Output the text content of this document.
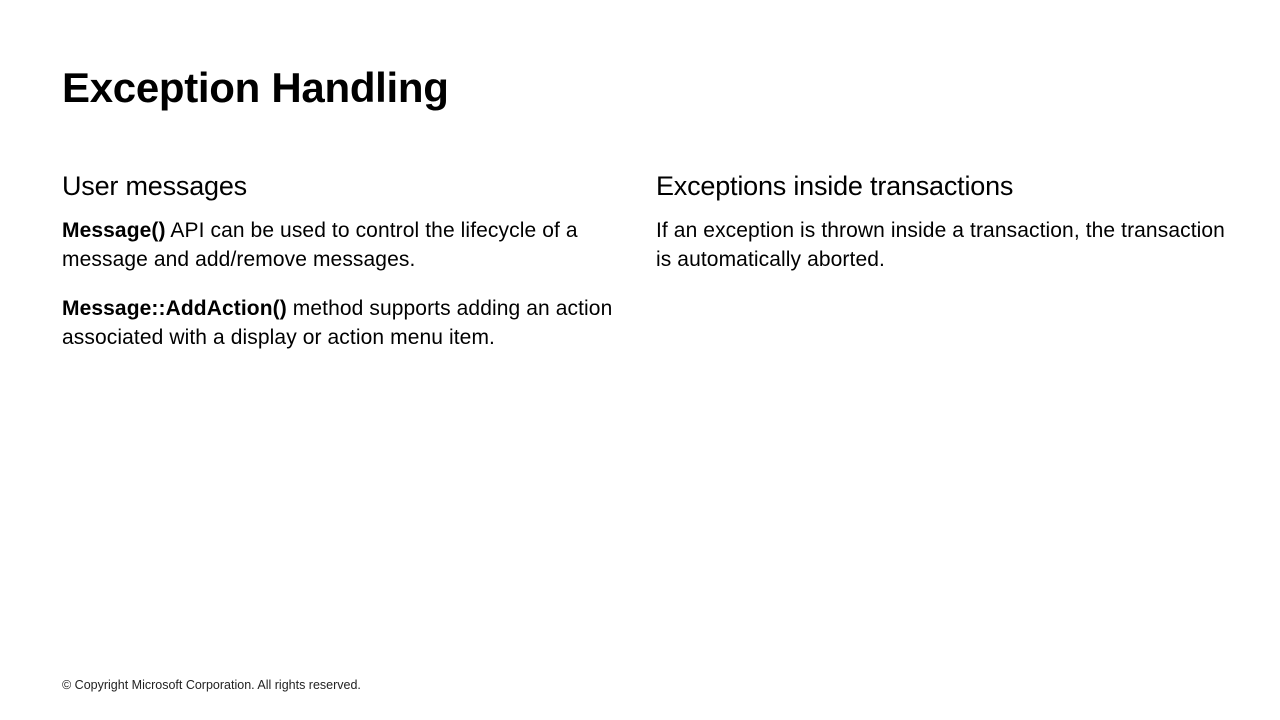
Exception Handling
User messages

Message() API can be used to control the lifecycle of a message and add/remove messages.

Message::AddAction() method supports adding an action associated with a display or action menu item.

Exceptions inside transactions

If an exception is thrown inside a transaction, the transaction is automatically aborted.

© Copyright Microsoft Corporation. All rights reserved.
